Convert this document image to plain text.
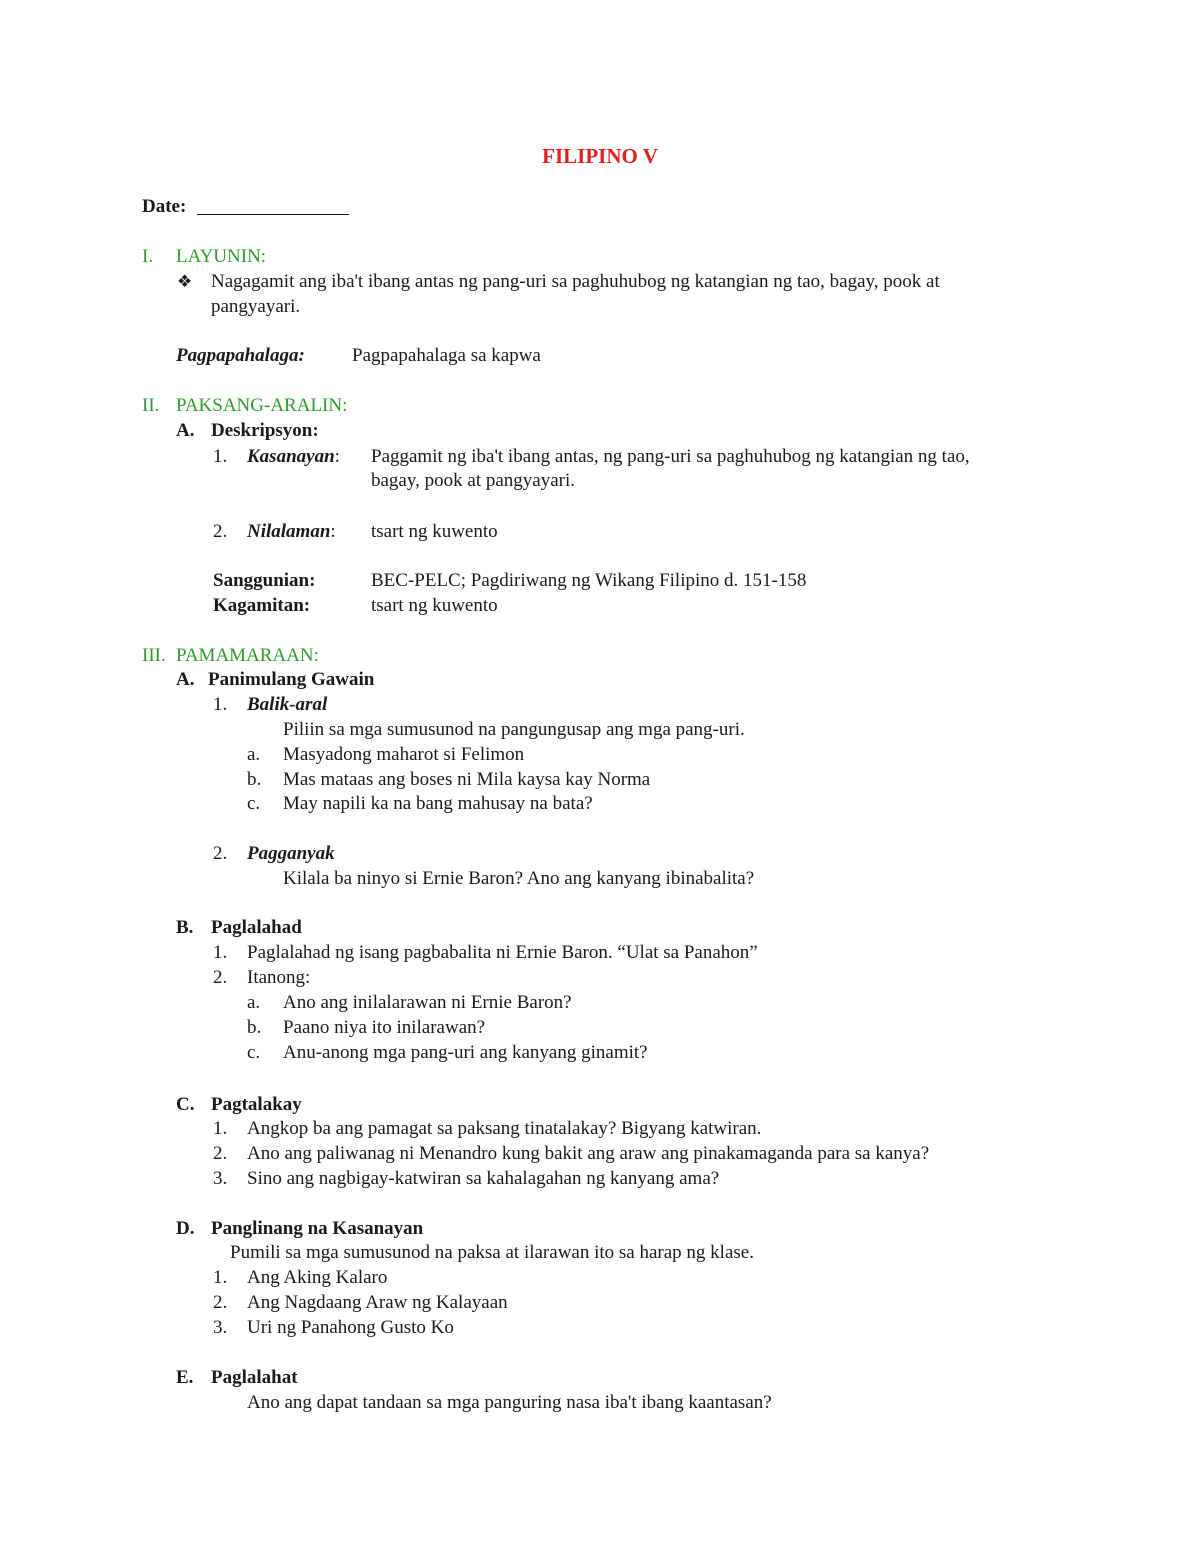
FILIPINO V
Date:
I. LAYUNIN:
❖ Nagagamit ang iba't ibang antas ng pang-uri sa paghuhubog ng katangian ng tao, bagay, pook at
pangyayari.
Pagpapahalaga: Pagpapahalaga sa kapwa
II. PAKSANG-ARALIN:
A. Deskripsyon:
1. Kasanayan: Paggamit ng iba't ibang antas, ng pang-uri sa paghuhubog ng katangian ng tao,
bagay, pook at pangyayari.
2. Nilalaman: tsart ng kuwento
Sanggunian:	BEC-PELC; Pagdiriwang ng Wikang Filipino d. 151-158
Kagamitan:	tsart ng kuwento
III. PAMAMARAAN:
A. Panimulang Gawain
1. Balik-aral
Piliin sa mga sumusunod na pangungusap ang mga pang-uri.
a. Masyadong maharot si Felimon
b. Mas mataas ang boses ni Mila kaysa kay Norma
c. May napili ka na bang mahusay na bata?
2. Pagganyak
Kilala ba ninyo si Ernie Baron? Ano ang kanyang ibinabalita?
B. Paglalahad
1. Paglalahad ng isang pagbabalita ni Ernie Baron. “Ulat sa Panahon”
2. Itanong:
a. Ano ang inilalarawan ni Ernie Baron?
b. Paano niya ito inilarawan?
c. Anu-anong mga pang-uri ang kanyang ginamit?
C. Pagtalakay
1. Angkop ba ang pamagat sa paksang tinatalakay? Bigyang katwiran.
2. Ano ang paliwanag ni Menandro kung bakit ang araw ang pinakamaganda para sa kanya?
3. Sino ang nagbigay-katwiran sa kahalagahan ng kanyang ama?
D. Panglinang na Kasanayan
Pumili sa mga sumusunod na paksa at ilarawan ito sa harap ng klase.
1. Ang Aking Kalaro
2. Ang Nagdaang Araw ng Kalayaan
3. Uri ng Panahong Gusto Ko
E. Paglalahat
Ano ang dapat tandaan sa mga panguring nasa iba't ibang kaantasan?
